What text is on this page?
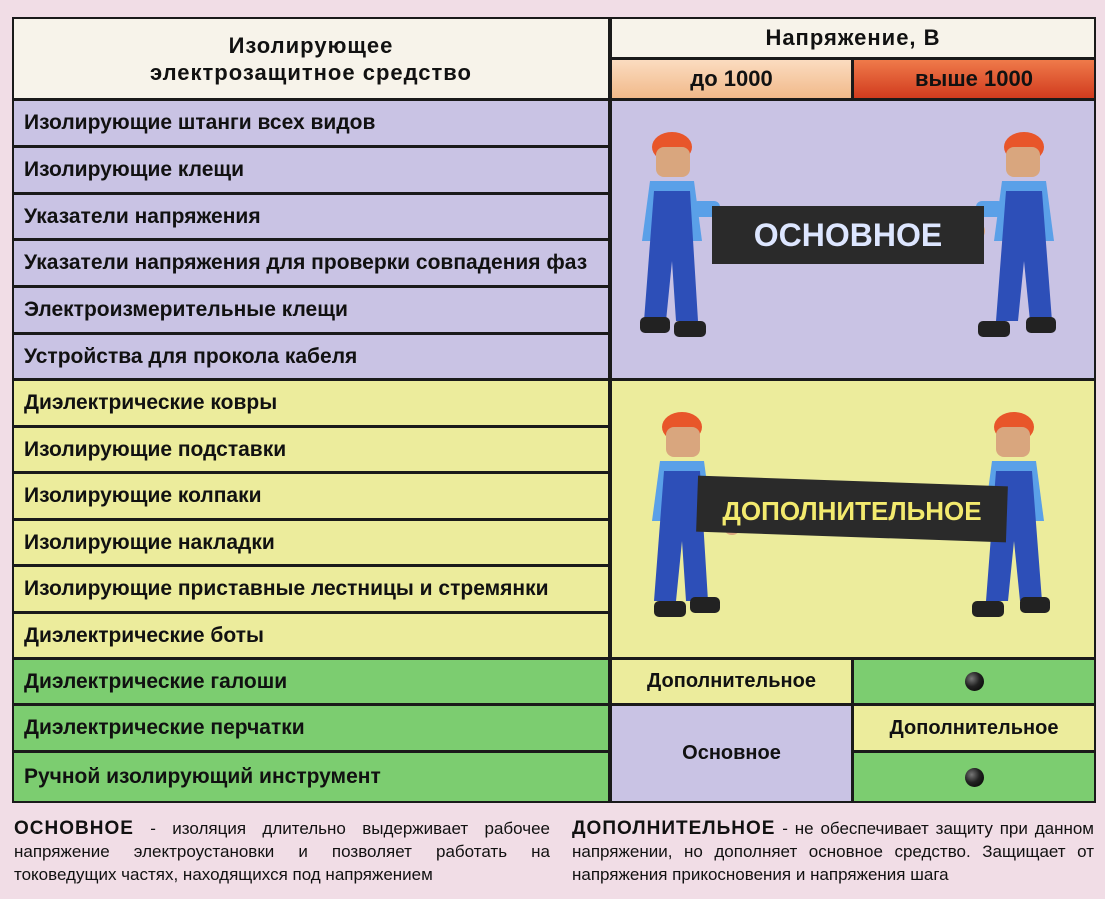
Изолирующее
электрозащитное средство
Напряжение, В
до 1000	выше 1000
Изолирующие штанги всех видов
Изолирующие клещи
Указатели напряжения
Указатели напряжения для проверки совпадения фаз
Электроизмерительные клещи
Устройства для прокола кабеля
ОСНОВНОЕ
Диэлектрические ковры
Изолирующие подставки
Изолирующие колпаки
Изолирующие накладки
Изолирующие приставные лестницы и стремянки
Диэлектрические боты
ДОПОЛНИТЕЛЬНОЕ
Диэлектрические галоши
Диэлектрические перчатки
Ручной изолирующий инструмент
Дополнительное
Основное
Дополнительное
ОСНОВНОЕ - изоляция длительно выдерживает рабочее напряжение электроустановки и позволяет работать на токоведущих частях, находящихся под напряжением
ДОПОЛНИТЕЛЬНОЕ - не обеспечивает защиту при данном напряжении, но дополняет основное средство. Защищает от напряжения прикосновения и напряжения шага
